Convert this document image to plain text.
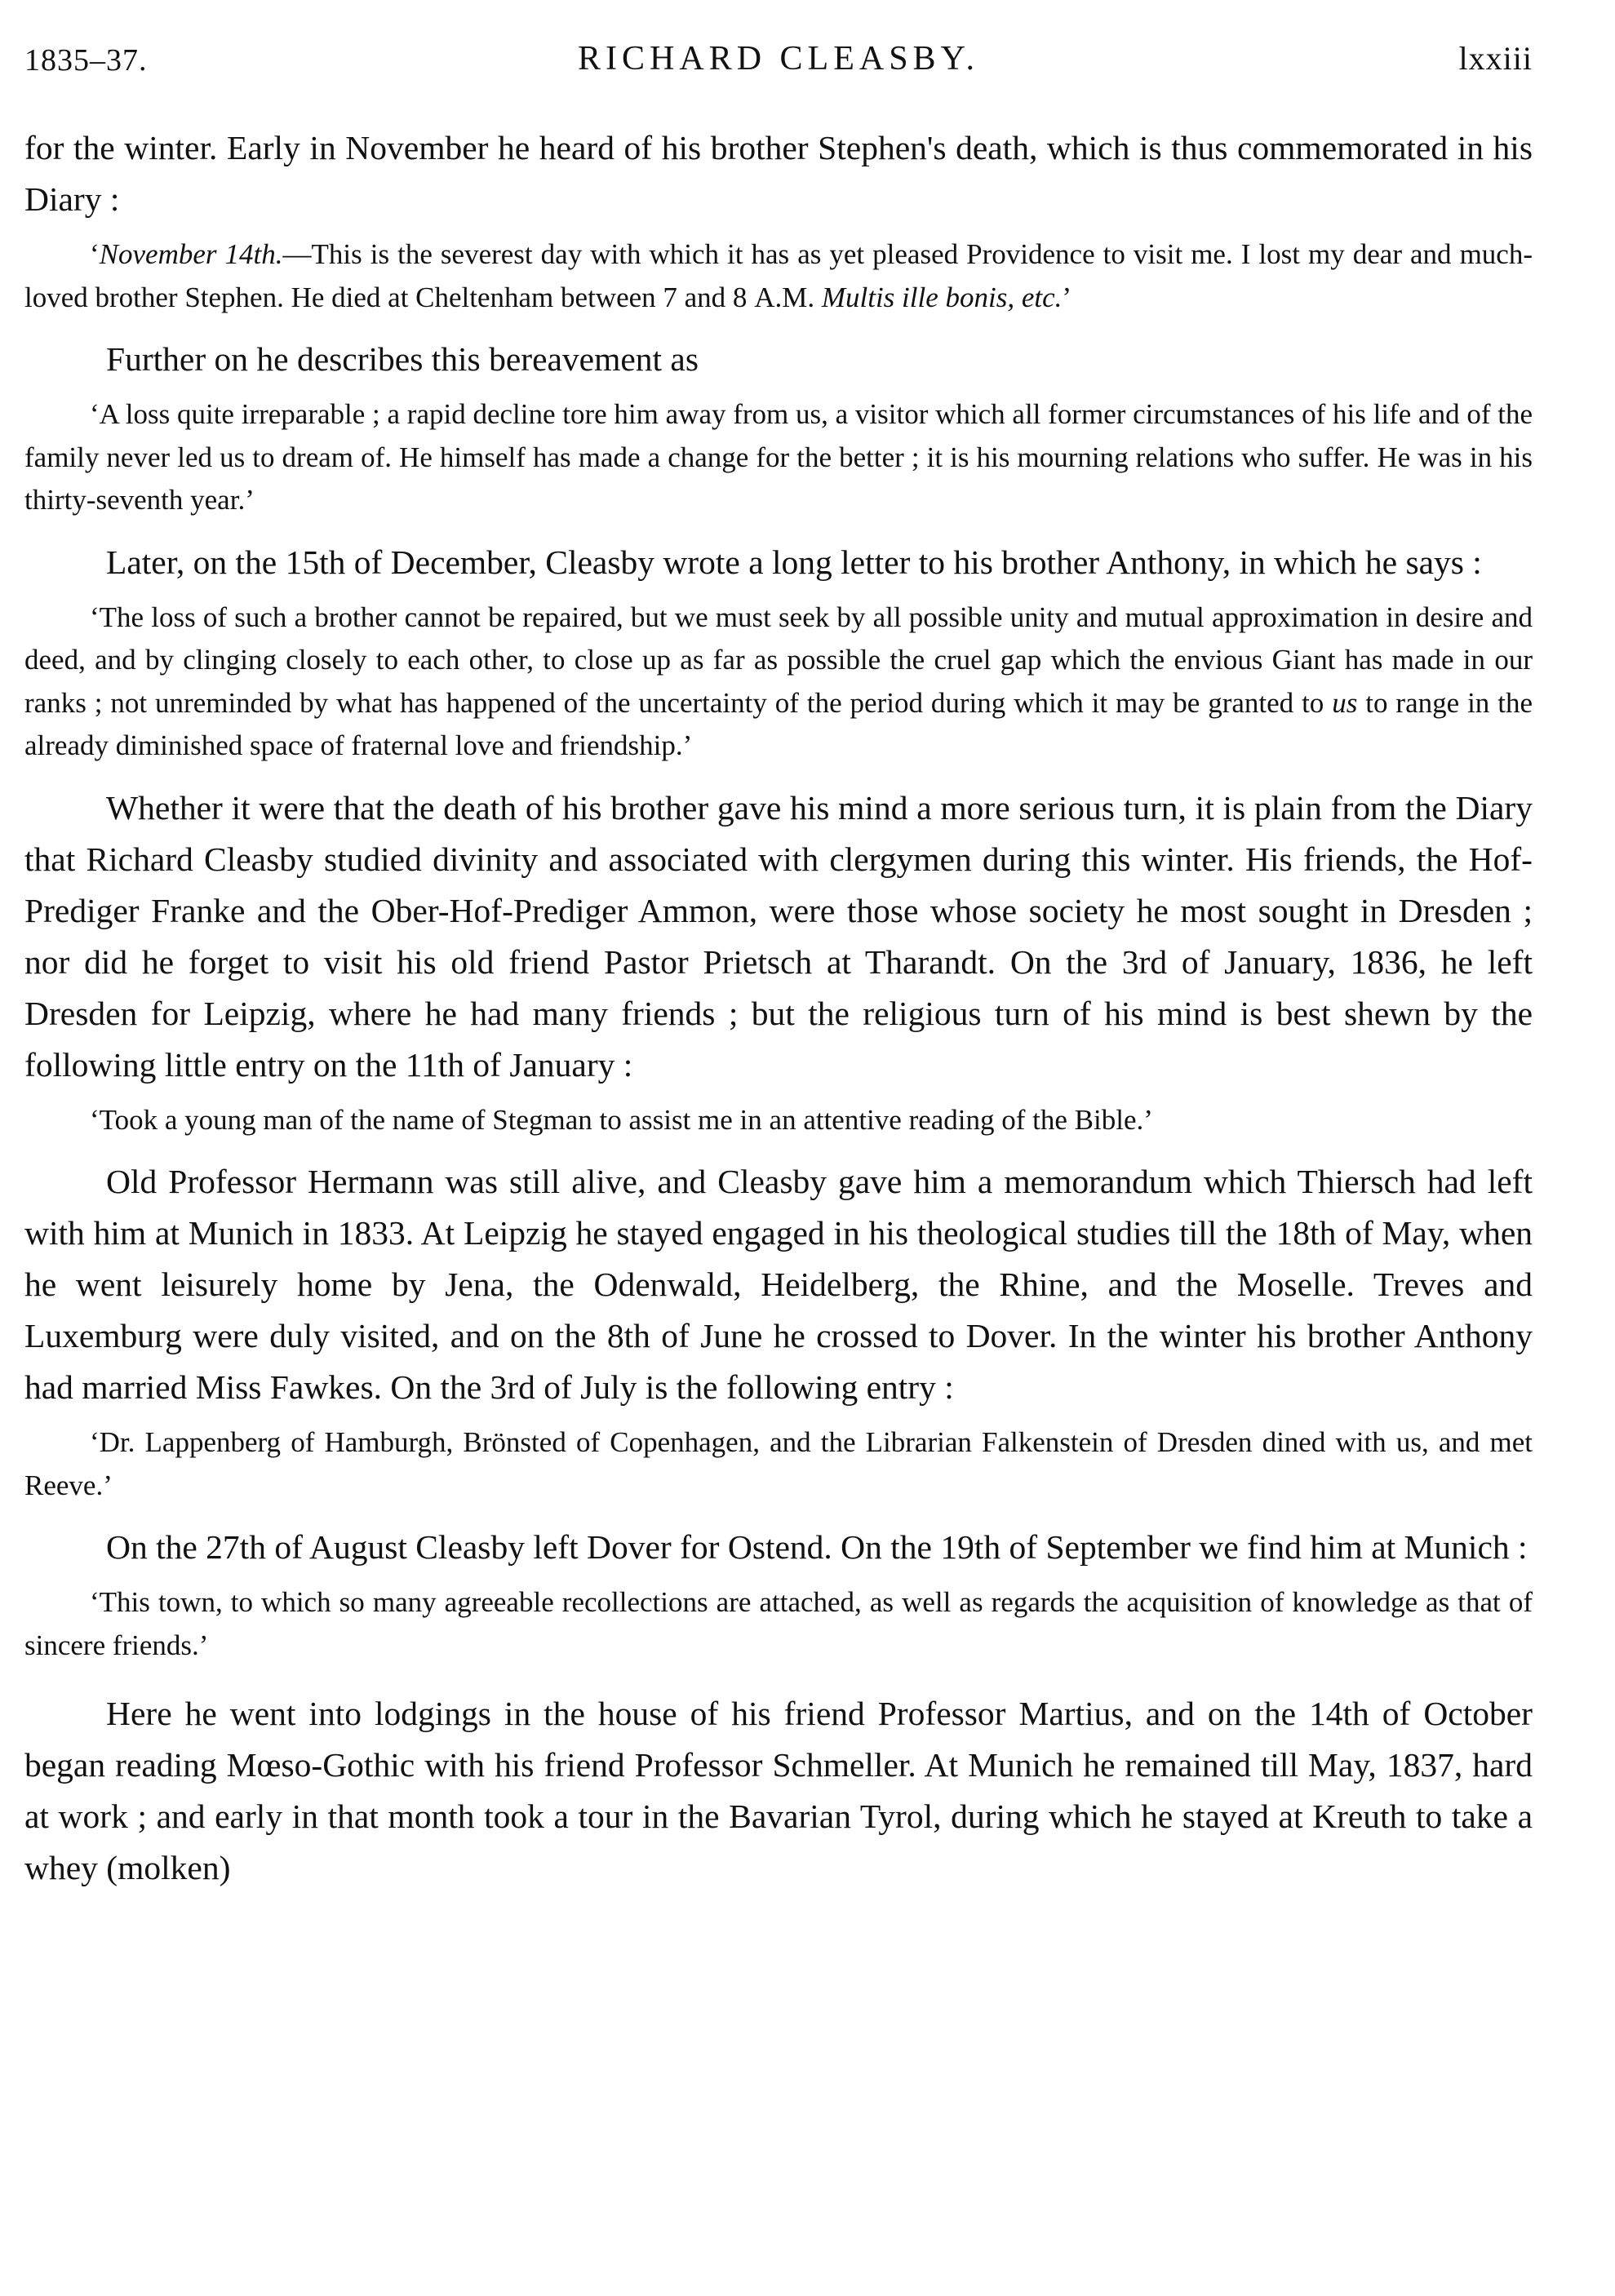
1835–37.	RICHARD CLEASBY.	lxxiii

for the winter. Early in November he heard of his brother Stephen's death, which is thus commemorated in his Diary :

‘November 14th.—This is the severest day with which it has as yet pleased Providence to visit me. I lost my dear and much-loved brother Stephen. He died at Cheltenham between 7 and 8 A.M. Multis ille bonis, etc.’

Further on he describes this bereavement as

‘A loss quite irreparable ; a rapid decline tore him away from us, a visitor which all former circumstances of his life and of the family never led us to dream of. He himself has made a change for the better ; it is his mourning relations who suffer. He was in his thirty-seventh year.’

Later, on the 15th of December, Cleasby wrote a long letter to his brother Anthony, in which he says :

‘The loss of such a brother cannot be repaired, but we must seek by all possible unity and mutual approximation in desire and deed, and by clinging closely to each other, to close up as far as possible the cruel gap which the envious Giant has made in our ranks ; not unreminded by what has happened of the uncertainty of the period during which it may be granted to us to range in the already diminished space of fraternal love and friendship.’

Whether it were that the death of his brother gave his mind a more serious turn, it is plain from the Diary that Richard Cleasby studied divinity and associated with clergymen during this winter. His friends, the Hof-Prediger Franke and the Ober-Hof-Prediger Ammon, were those whose society he most sought in Dresden ; nor did he forget to visit his old friend Pastor Prietsch at Tharandt. On the 3rd of January, 1836, he left Dresden for Leipzig, where he had many friends ; but the religious turn of his mind is best shewn by the following little entry on the 11th of January :

‘Took a young man of the name of Stegman to assist me in an attentive reading of the Bible.’

Old Professor Hermann was still alive, and Cleasby gave him a memorandum which Thiersch had left with him at Munich in 1833. At Leipzig he stayed engaged in his theological studies till the 18th of May, when he went leisurely home by Jena, the Odenwald, Heidelberg, the Rhine, and the Moselle. Treves and Luxemburg were duly visited, and on the 8th of June he crossed to Dover. In the winter his brother Anthony had married Miss Fawkes. On the 3rd of July is the following entry :

‘Dr. Lappenberg of Hamburgh, Brönsted of Copenhagen, and the Librarian Falkenstein of Dresden dined with us, and met Reeve.’

On the 27th of August Cleasby left Dover for Ostend. On the 19th of September we find him at Munich :

‘This town, to which so many agreeable recollections are attached, as well as regards the acquisition of knowledge as that of sincere friends.’

Here he went into lodgings in the house of his friend Professor Martius, and on the 14th of October began reading Mœso-Gothic with his friend Professor Schmeller. At Munich he remained till May, 1837, hard at work ; and early in that month took a tour in the Bavarian Tyrol, during which he stayed at Kreuth to take a whey (molken)
